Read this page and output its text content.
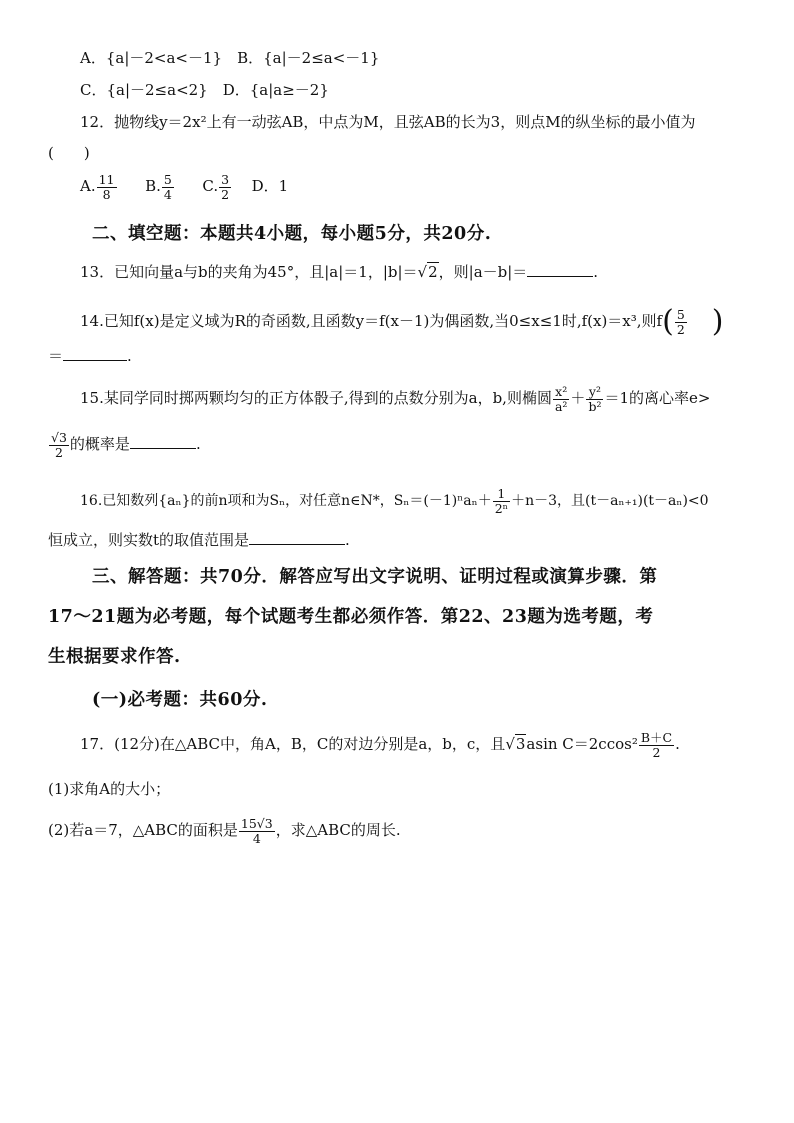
A．{a|－2<a<－1}　B．{a|－2≤a<－1}
C．{a|－2≤a<2}　D．{a|a≥－2}
12．抛物线y＝2x²上有一动弦AB，中点为M，且弦AB的长为3，则点M的纵坐标的最小值为
(　　)
A. $\frac{11}{8} B$. $\frac{5}{4} C$. $\frac{3}{2}$ D．1
二、填空题：本题共4小题，每小题5分，共20分.
13．已知向量a与b的夹角为45°，且|a|＝1，|b|＝√2，则|a－b|＝	.
14.已知f(x)是定义域为R的奇函数,且函数y＝f(x－1)为偶函数,当0≤x≤1时,f(x)＝x³,则$f( \frac{5}{2}$ )
＝	.
15.某同学同时掷两颗均匀的正方体骰子,得到的点数分别为a，b,则椭圆 $\frac{\text{x²}}{\text{a²}} + \frac{\text{y²}}{\text{b²}} =1$的离心率e>
$\frac{√3}{2}$ 的概率是	.
16.已知数列{aₙ}的前n项和为Sₙ，对任意n∈N*，$S_n=(-1)^na_n+ \frac{1}{\text{2ⁿ}} +n-3$，且(t－aₙ₊₁)(t－aₙ)<0
恒成立，则实数t的取值范围是	.
三、解答题：共70分．解答应写出文字说明、证明过程或演算步骤．第
17～21题为必考题，每个试题考生都必须作答．第22、23题为选考题，考
生根据要求作答.
(一)必考题：共60分.
17．(12分)在△ABC中，角A，B，C的对边分别是a，b，c，且√3asin $C=2ccos^2 \frac{B+C}{2}$ .
(1)求角A的大小；
(2)若a＝7，△ABC的面积是 $\frac{15√3}{4}$ ，求△ABC的周长.
